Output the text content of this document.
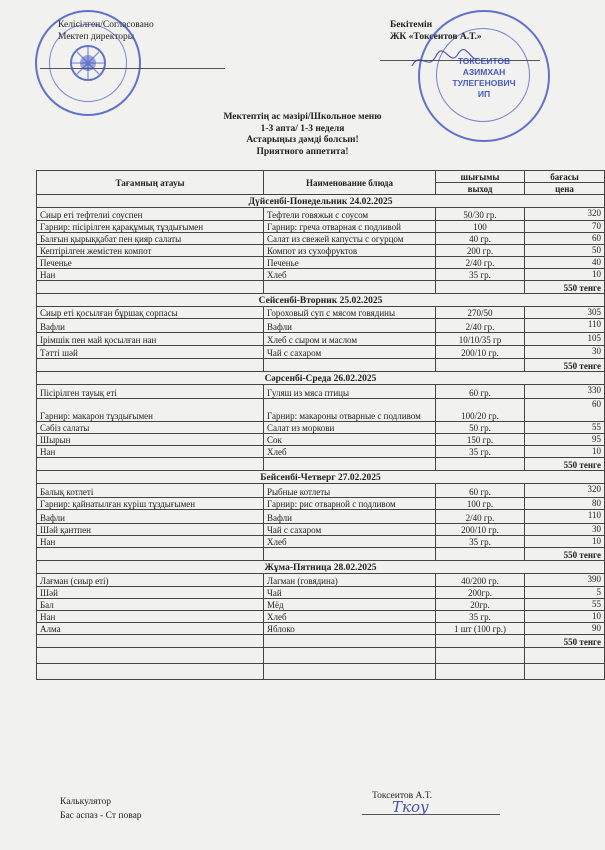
Келісілген/Согласовано
Мектеп директоры
Бекітемін
ЖК «Токсеитов А.Т.»
ТОКСЕИТОВ
АЗИМХАН
ТУЛЕГЕНОВИЧ
ИП
Мектептің ас мәзірі/Школьное меню
1-3 апта/ 1-3 неделя
Астарыңыз дәмді болсын!
Приятного аппетита!
Тағамның атауы	Наименование блюда	шығымы	бағасы
		выход	цена
Дүйсенбі-Понедельник 24.02.2025			
Сиыр еті тефтелиі соуспен	Тефтели говяжьи с соусом	50/30 гр.	320
Гарнир: пісірілген қарақұмық тұздығымен	Гарнир: греча отварная с подливой	100	70
Балғын қырыққабат пен қияр салаты	Салат из свежей капусты с огурцом	40 гр.	60
Кептірілген жемістен компот	Компот из сухофруктов	200 гр.	50
Печенье	Печенье	2/40 гр.	40
Нан	Хлеб	35 гр.	10
			550 тенге
Сейсенбі-Вторник 25.02.2025			
Сиыр еті қосылған бұршақ сорпасы	Гороховый суп с мясом говядины	270/50	305
Вафли	Вафли	2/40 гр.	110
Ірімшік пен май қосылған нан	Хлеб с сыром и маслом	10/10/35 гр	105
Тәтті шәй	Чай с сахаром	200/10 гр.	30
			550 тенге
Сәрсенбі-Среда 26.02.2025			
Пісірілген тауық еті	Гуляш из мяса птицы	60 гр.	330
Гарнир: макарон тұздығымен	Гарнир: макароны отварные с подливом	100/20 гр.	60
Сәбіз салаты	Салат из моркови	50 гр.	55
Шырын	Сок	150 гр.	95
Нан	Хлеб	35 гр.	10
			550 тенге
Бейсенбі-Четверг 27.02.2025			
Балық котлеті	Рыбные котлеты	60 гр.	320
Гарнир: қайнатылған күріш тұздығымен	Гарнир: рис отварной с подливом	100 гр.	80
Вафли	Вафли	2/40 гр.	110
Шәй қантпен	Чай с сахаром	200/10 гр.	30
Нан	Хлеб	35 гр.	10
			550 тенге
Жұма-Пятница 28.02.2025			
Лағман (сиыр еті)	Лагман (говядина)	40/200 гр.	390
Шәй	Чай	200гр.	5
Бал	Мёд	20гр.	55
Нан	Хлеб	35 гр.	10
Алма	Яблоко	1 шт (100 гр.)	90
			550 тенге

Калькулятор
Бас аспаз - Ст повар
Токсеитов А.Т.
Ткоу
